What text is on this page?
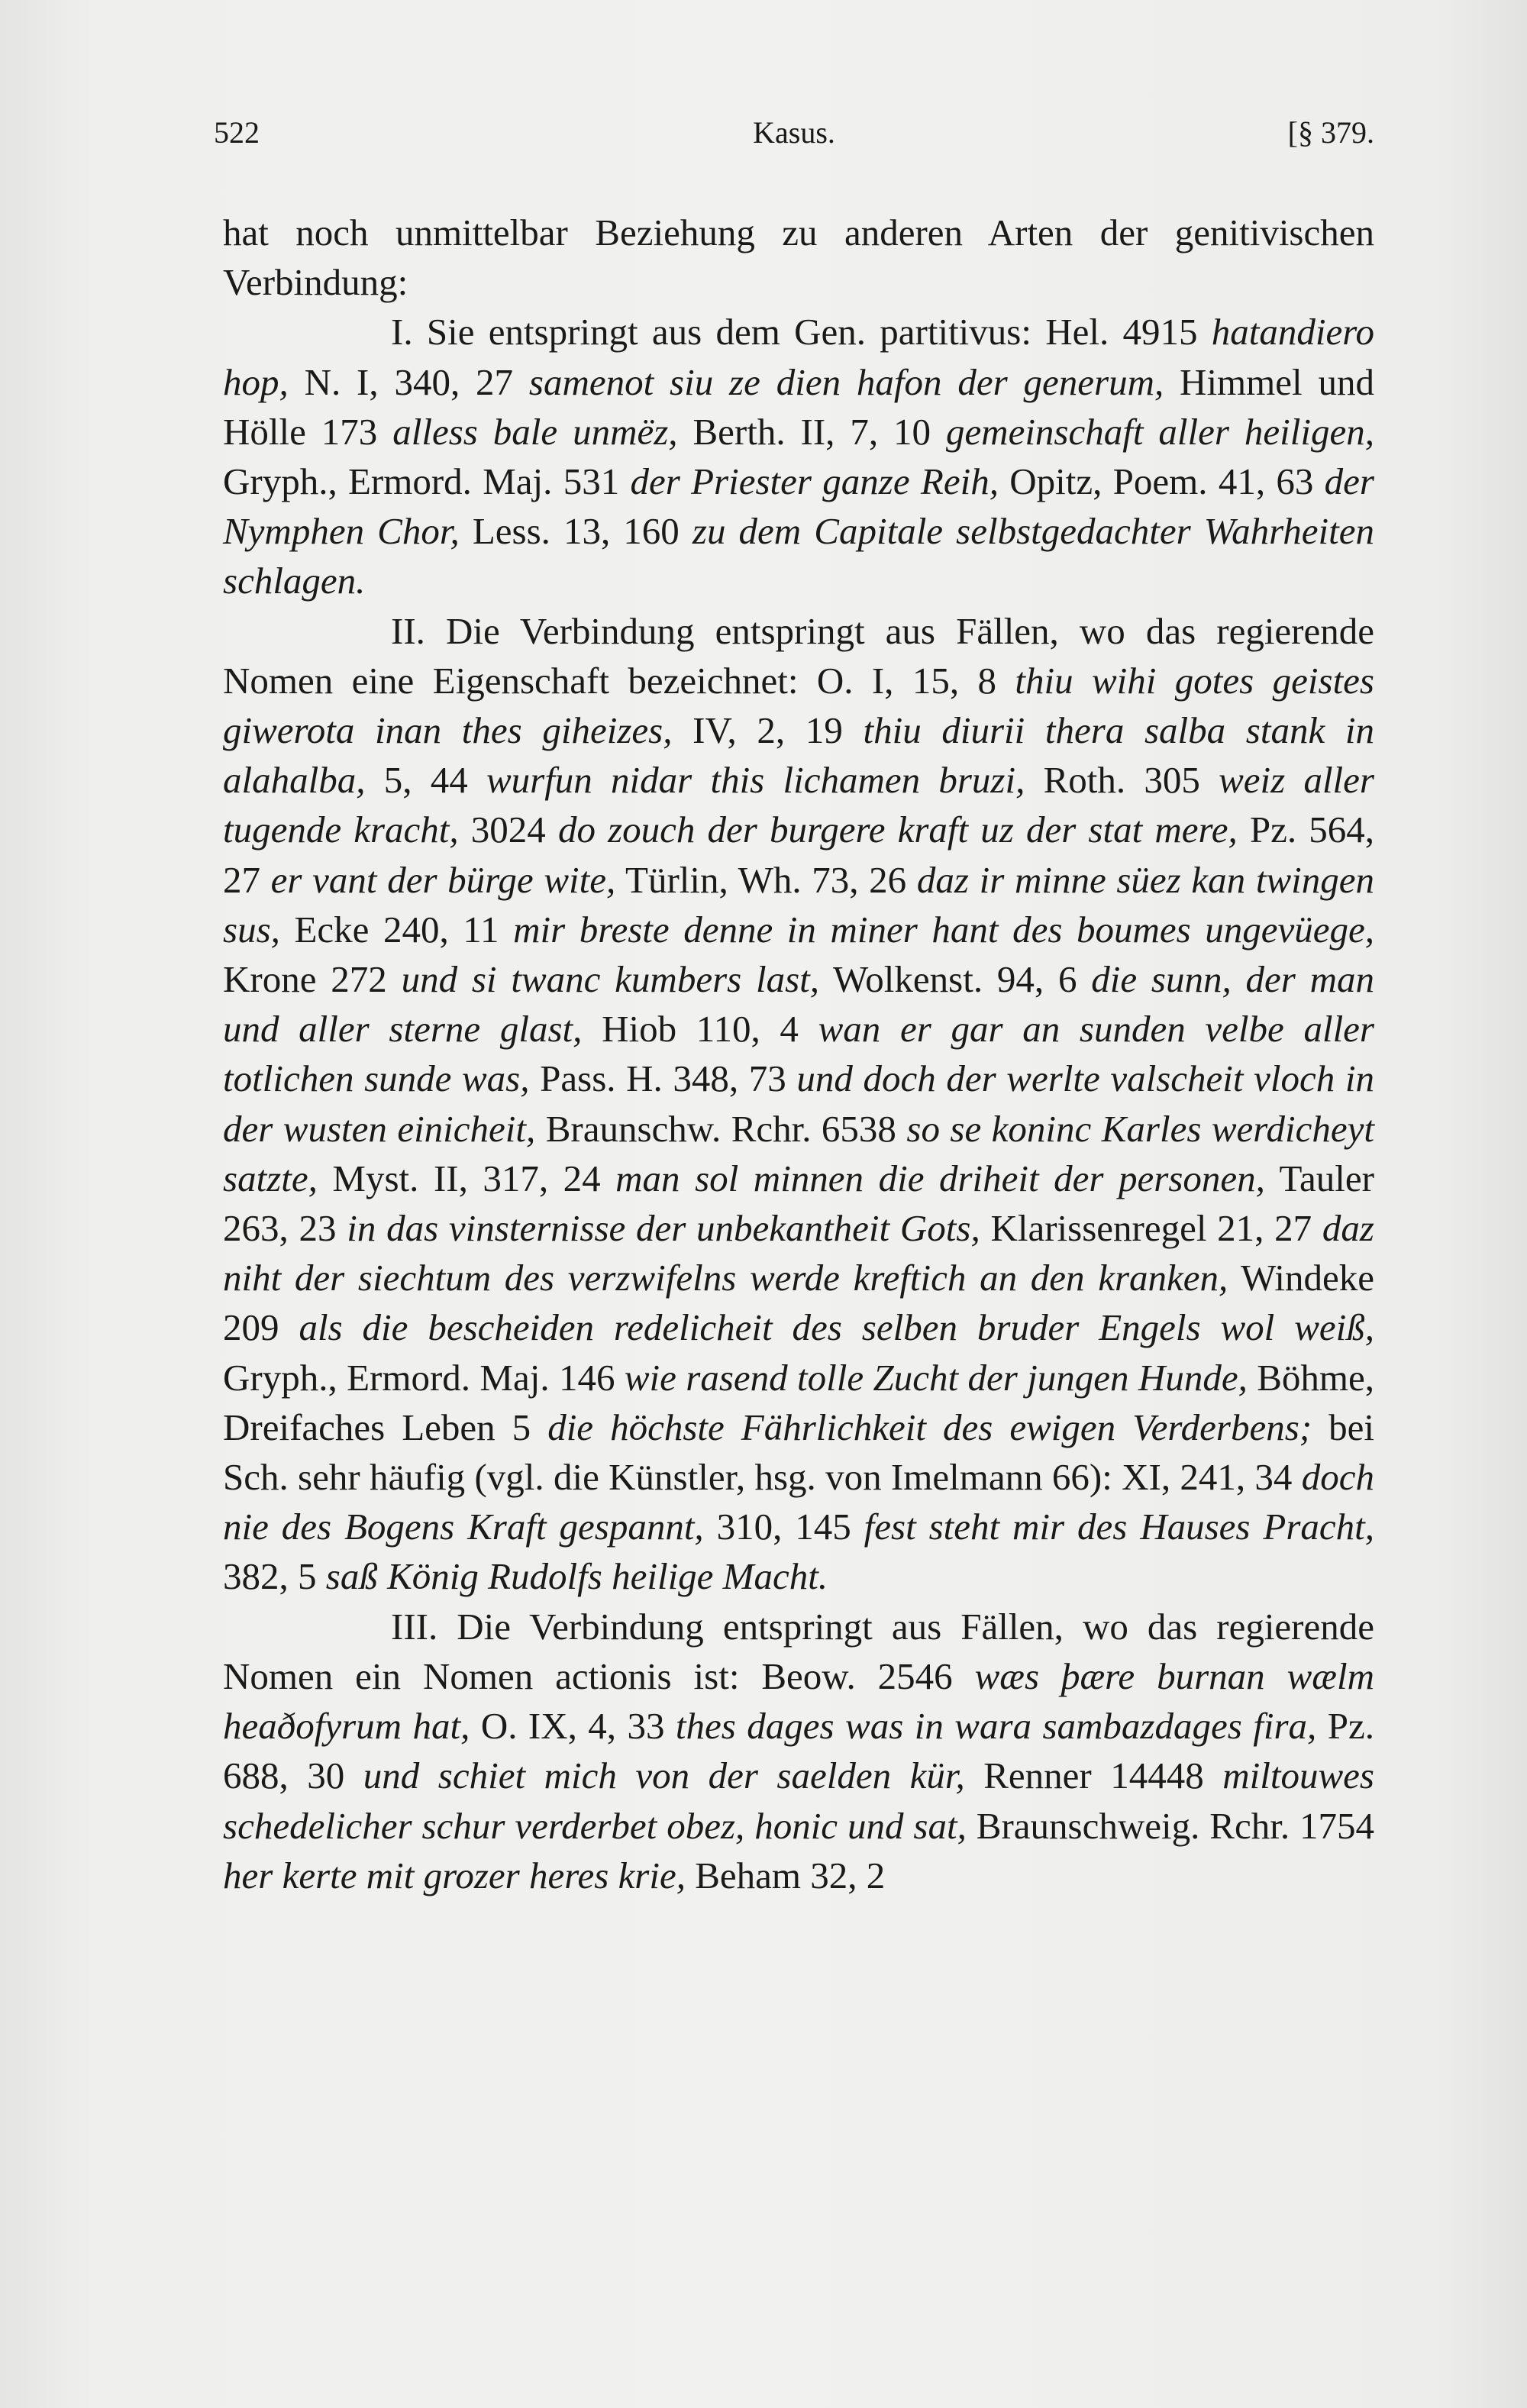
522	Kasus.	[§ 379.

hat noch unmittelbar Beziehung zu anderen Arten der genitivischen Verbindung:

I. Sie entspringt aus dem Gen. partitivus: Hel. 4915 hatandiero hop, N. I, 340, 27 samenot siu ze dien hafon der generum, Himmel und Hölle 173 alless bale unmëz, Berth. II, 7, 10 gemeinschaft aller heiligen, Gryph., Ermord. Maj. 531 der Priester ganze Reih, Opitz, Poem. 41, 63 der Nymphen Chor, Less. 13, 160 zu dem Capitale selbstgedachter Wahrheiten schlagen.

II. Die Verbindung entspringt aus Fällen, wo das regierende Nomen eine Eigenschaft bezeichnet: O. I, 15, 8 thiu wihi gotes geistes giwerota inan thes giheizes, IV, 2, 19 thiu diurii thera salba stank in alahalba, 5, 44 wurfun nidar this lichamen bruzi, Roth. 305 weiz aller tugende kracht, 3024 do zouch der burgere kraft uz der stat mere, Pz. 564, 27 er vant der bürge wite, Türlin, Wh. 73, 26 daz ir minne süez kan twingen sus, Ecke 240, 11 mir breste denne in miner hant des boumes ungevüege, Krone 272 und si twanc kumbers last, Wolkenst. 94, 6 die sunn, der man und aller sterne glast, Hiob 110, 4 wan er gar an sunden velbe aller totlichen sunde was, Pass. H. 348, 73 und doch der werlte valscheit vloch in der wusten einicheit, Braunschw. Rchr. 6538 so se koninc Karles werdicheyt satzte, Myst. II, 317, 24 man sol minnen die driheit der personen, Tauler 263, 23 in das vinsternisse der unbekantheit Gots, Klarissenregel 21, 27 daz niht der siechtum des verzwifelns werde kreftich an den kranken, Windeke 209 als die bescheiden redelicheit des selben bruder Engels wol weiß, Gryph., Ermord. Maj. 146 wie rasend tolle Zucht der jungen Hunde, Böhme, Dreifaches Leben 5 die höchste Fährlichkeit des ewigen Verderbens; bei Sch. sehr häufig (vgl. die Künstler, hsg. von Imelmann 66): XI, 241, 34 doch nie des Bogens Kraft gespannt, 310, 145 fest steht mir des Hauses Pracht, 382, 5 saß König Rudolfs heilige Macht.

III. Die Verbindung entspringt aus Fällen, wo das regierende Nomen ein Nomen actionis ist: Beow. 2546 wæs þære burnan wælm heaðofyrum hat, O. IX, 4, 33 thes dages was in wara sambazdages fira, Pz. 688, 30 und schiet mich von der saelden kür, Renner 14448 miltouwes schedelicher schur verderbet obez, honic und sat, Braunschweig. Rchr. 1754 her kerte mit grozer heres krie, Beham 32, 2
